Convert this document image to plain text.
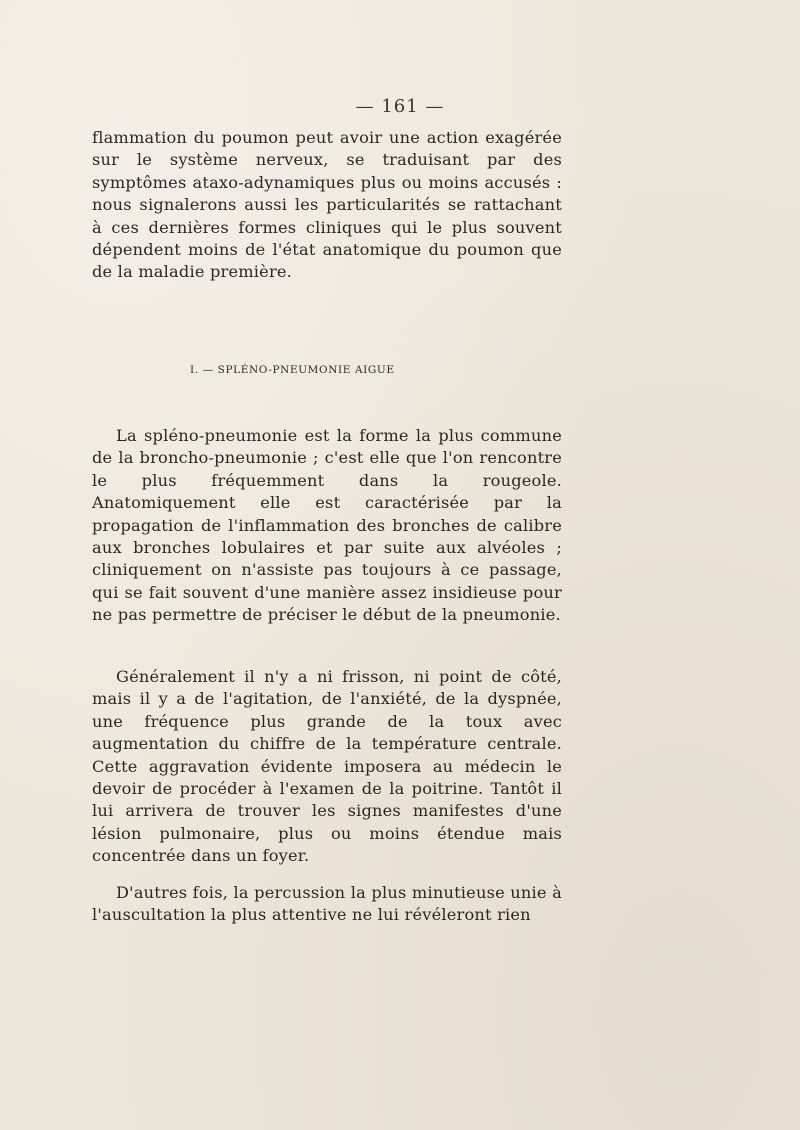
— 161 —

flammation du poumon peut avoir une action exagérée sur le système nerveux, se traduisant par des symptômes ataxo-adynamiques plus ou moins accusés : nous signalerons aussi les particularités se rattachant à ces dernières formes cliniques qui le plus souvent dépendent moins de l'état anatomique du poumon que de la maladie première.

I. — SPLÉNO-PNEUMONIE AIGUE

La spléno-pneumonie est la forme la plus commune de la broncho-pneumonie ; c'est elle que l'on rencontre le plus fréquemment dans la rougeole. Anatomiquement elle est caractérisée par la propagation de l'inflammation des bronches de calibre aux bronches lobulaires et par suite aux alvéoles ; cliniquement on n'assiste pas toujours à ce passage, qui se fait souvent d'une manière assez insidieuse pour ne pas permettre de préciser le début de la pneumonie.

Généralement il n'y a ni frisson, ni point de côté, mais il y a de l'agitation, de l'anxiété, de la dyspnée, une fréquence plus grande de la toux avec augmentation du chiffre de la température centrale. Cette aggravation évidente imposera au médecin le devoir de procéder à l'examen de la poitrine. Tantôt il lui arrivera de trouver les signes manifestes d'une lésion pulmonaire, plus ou moins étendue mais concentrée dans un foyer.

D'autres fois, la percussion la plus minutieuse unie à l'auscultation la plus attentive ne lui révéleront rien
